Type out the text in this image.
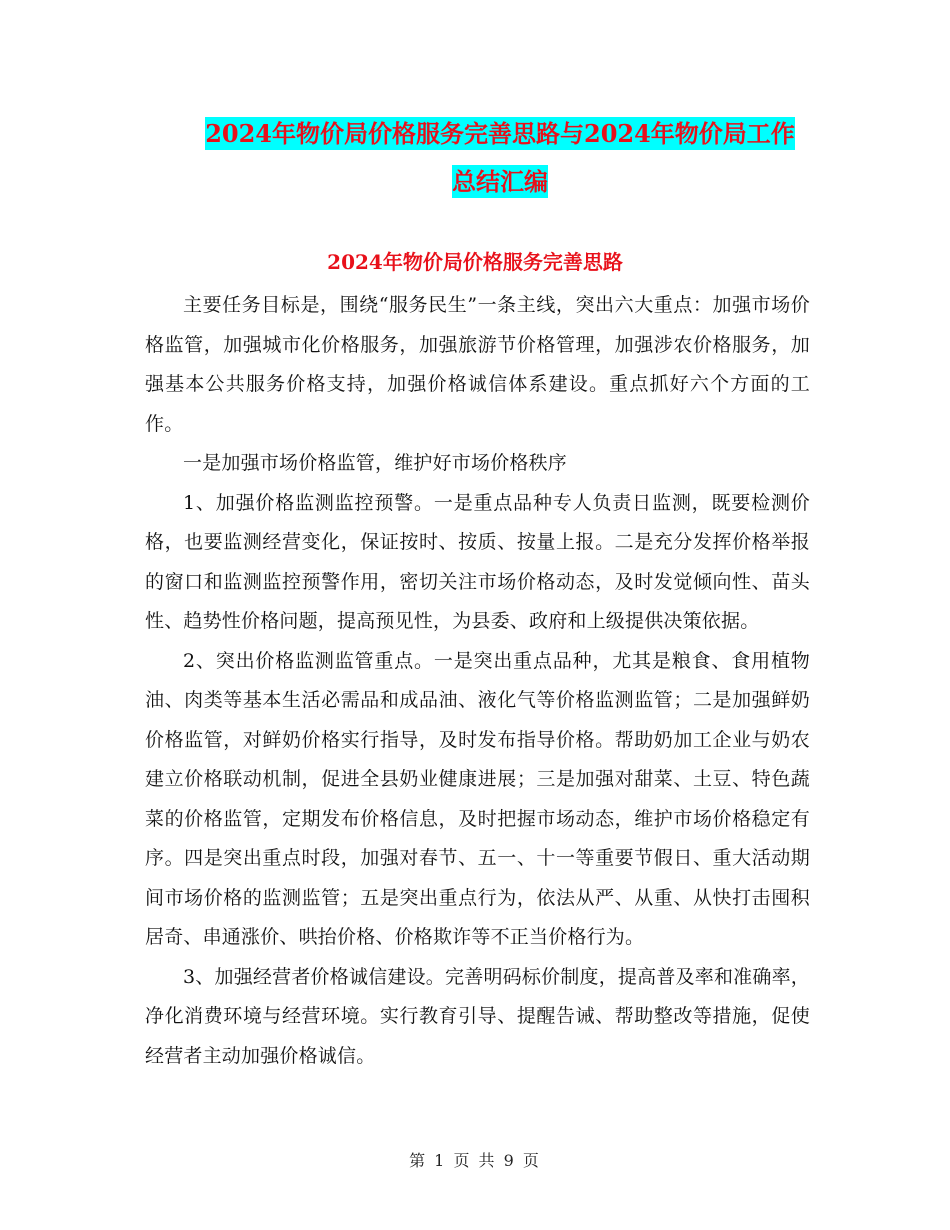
2024年物价局价格服务完善思路与2024年物价局工作
总结汇编
2024年物价局价格服务完善思路

主要任务目标是，围绕“服务民生”一条主线，突出六大重点：加强市场价格监管，加强城市化价格服务，加强旅游节价格管理，加强涉农价格服务，加强基本公共服务价格支持，加强价格诚信体系建设。重点抓好六个方面的工作。

一是加强市场价格监管，维护好市场价格秩序

1、加强价格监测监控预警。一是重点品种专人负责日监测，既要检测价格，也要监测经营变化，保证按时、按质、按量上报。二是充分发挥价格举报的窗口和监测监控预警作用，密切关注市场价格动态，及时发觉倾向性、苗头性、趋势性价格问题，提高预见性，为县委、政府和上级提供决策依据。

2、突出价格监测监管重点。一是突出重点品种，尤其是粮食、食用植物油、肉类等基本生活必需品和成品油、液化气等价格监测监管；二是加强鲜奶价格监管，对鲜奶价格实行指导，及时发布指导价格。帮助奶加工企业与奶农建立价格联动机制，促进全县奶业健康进展；三是加强对甜菜、土豆、特色蔬菜的价格监管，定期发布价格信息，及时把握市场动态，维护市场价格稳定有序。四是突出重点时段，加强对春节、五一、十一等重要节假日、重大活动期间市场价格的监测监管；五是突出重点行为，依法从严、从重、从快打击囤积居奇、串通涨价、哄抬价格、价格欺诈等不正当价格行为。

3、加强经营者价格诚信建设。完善明码标价制度，提高普及率和准确率，净化消费环境与经营环境。实行教育引导、提醒告诫、帮助整改等措施，促使经营者主动加强价格诚信。

第 1 页 共 9 页
